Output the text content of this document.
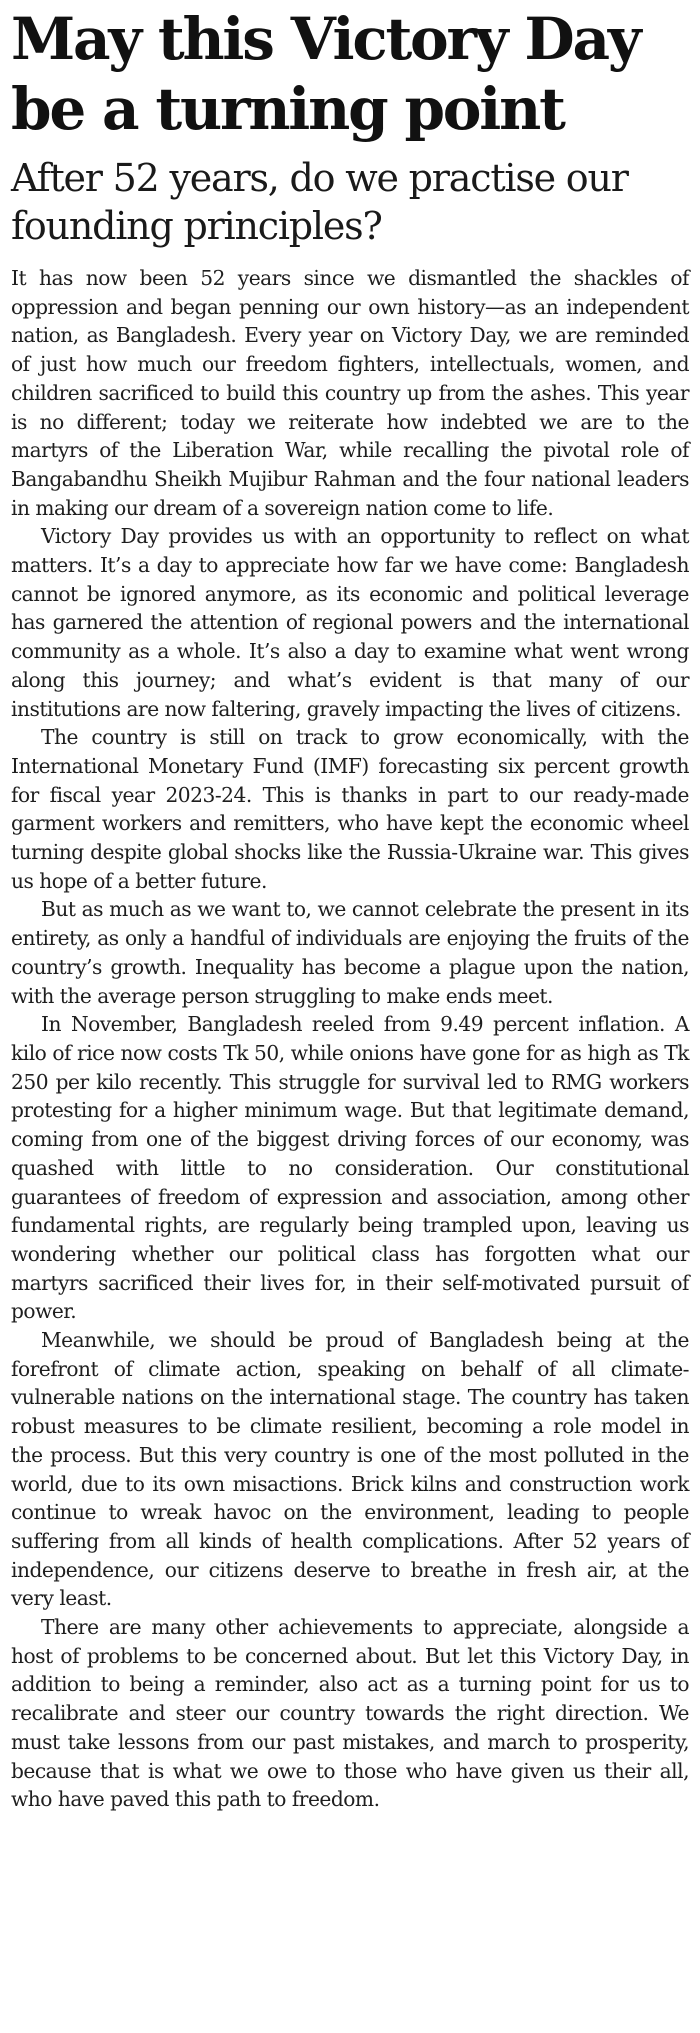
May this Victory Day be a turning point
After 52 years, do we practise our founding principles?

It has now been 52 years since we dismantled the shackles of oppression and began penning our own history—as an independent nation, as Bangladesh. Every year on Victory Day, we are reminded of just how much our freedom fighters, intellectuals, women, and children sacrificed to build this country up from the ashes. This year is no different; today we reiterate how indebted we are to the martyrs of the Liberation War, while recalling the pivotal role of Bangabandhu Sheikh Mujibur Rahman and the four national leaders in making our dream of a sovereign nation come to life.

Victory Day provides us with an opportunity to reflect on what matters. It’s a day to appreciate how far we have come: Bangladesh cannot be ignored anymore, as its economic and political leverage has garnered the attention of regional powers and the international community as a whole. It’s also a day to examine what went wrong along this journey; and what’s evident is that many of our institutions are now faltering, gravely impacting the lives of citizens.

The country is still on track to grow economically, with the International Monetary Fund (IMF) forecasting six percent growth for fiscal year 2023-24. This is thanks in part to our ready-made garment workers and remitters, who have kept the economic wheel turning despite global shocks like the Russia-Ukraine war. This gives us hope of a better future.

But as much as we want to, we cannot celebrate the present in its entirety, as only a handful of individuals are enjoying the fruits of the country’s growth. Inequality has become a plague upon the nation, with the average person struggling to make ends meet.

In November, Bangladesh reeled from 9.49 percent inflation. A kilo of rice now costs Tk 50, while onions have gone for as high as Tk 250 per kilo recently. This struggle for survival led to RMG workers protesting for a higher minimum wage. But that legitimate demand, coming from one of the biggest driving forces of our economy, was quashed with little to no consideration. Our constitutional guarantees of freedom of expression and association, among other fundamental rights, are regularly being trampled upon, leaving us wondering whether our political class has forgotten what our martyrs sacrificed their lives for, in their self-motivated pursuit of power.

Meanwhile, we should be proud of Bangladesh being at the forefront of climate action, speaking on behalf of all climate-vulnerable nations on the international stage. The country has taken robust measures to be climate resilient, becoming a role model in the process. But this very country is one of the most polluted in the world, due to its own misactions. Brick kilns and construction work continue to wreak havoc on the environment, leading to people suffering from all kinds of health complications. After 52 years of independence, our citizens deserve to breathe in fresh air, at the very least.

There are many other achievements to appreciate, alongside a host of problems to be concerned about. But let this Victory Day, in addition to being a reminder, also act as a turning point for us to recalibrate and steer our country towards the right direction. We must take lessons from our past mistakes, and march to prosperity, because that is what we owe to those who have given us their all, who have paved this path to freedom.
